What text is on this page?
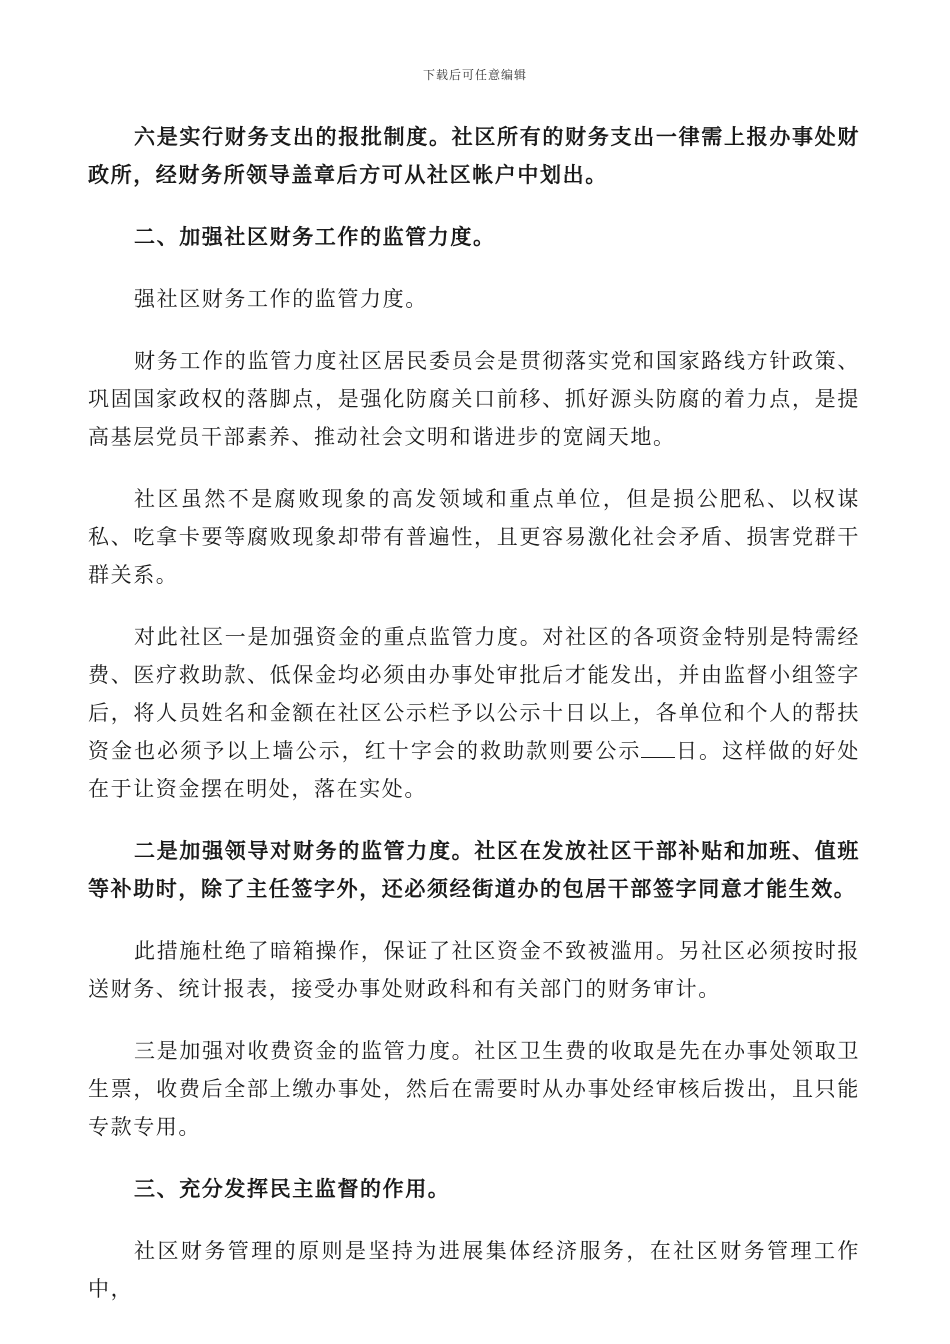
下载后可任意编辑

六是实行财务支出的报批制度。社区所有的财务支出一律需上报办事处财政所，经财务所领导盖章后方可从社区帐户中划出。

二、加强社区财务工作的监管力度。

强社区财务工作的监管力度。

财务工作的监管力度社区居民委员会是贯彻落实党和国家路线方针政策、巩固国家政权的落脚点，是强化防腐关口前移、抓好源头防腐的着力点，是提高基层党员干部素养、推动社会文明和谐进步的宽阔天地。

社区虽然不是腐败现象的高发领域和重点单位，但是损公肥私、以权谋私、吃拿卡要等腐败现象却带有普遍性，且更容易激化社会矛盾、损害党群干群关系。

对此社区一是加强资金的重点监管力度。对社区的各项资金特别是特需经费、医疗救助款、低保金均必须由办事处审批后才能发出，并由监督小组签字后，将人员姓名和金额在社区公示栏予以公示十日以上，各单位和个人的帮扶资金也必须予以上墙公示，红十字会的救助款则要公示 日。这样做的好处在于让资金摆在明处，落在实处。

二是加强领导对财务的监管力度。社区在发放社区干部补贴和加班、值班等补助时，除了主任签字外，还必须经街道办的包居干部签字同意才能生效。

此措施杜绝了暗箱操作，保证了社区资金不致被滥用。另社区必须按时报送财务、统计报表，接受办事处财政科和有关部门的财务审计。

三是加强对收费资金的监管力度。社区卫生费的收取是先在办事处领取卫生票，收费后全部上缴办事处，然后在需要时从办事处经审核后拨出，且只能专款专用。

三、充分发挥民主监督的作用。

社区财务管理的原则是坚持为进展集体经济服务，在社区财务管理工作中，
